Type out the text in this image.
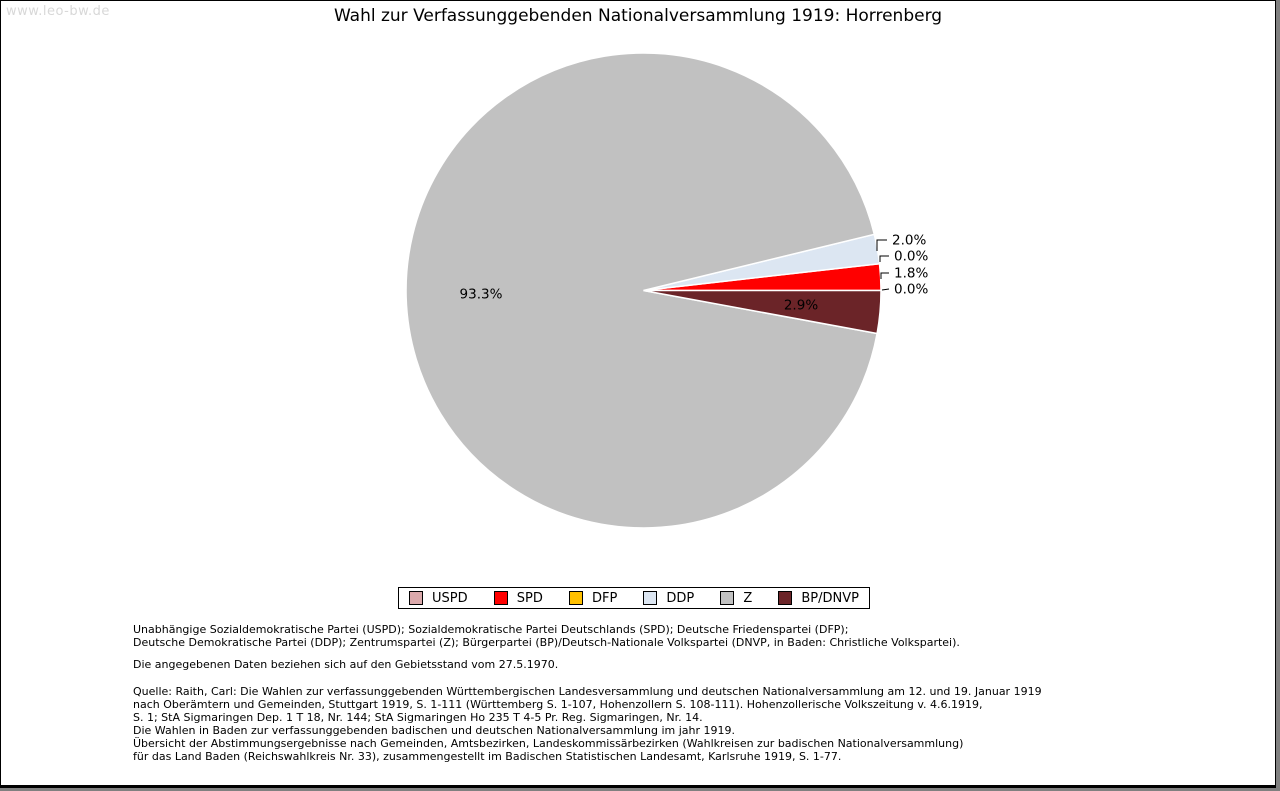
www.leo-bw.de	Wahl zur Verfassunggebenden Nationalversammlung 1919: Horrenberg
0.0%
1.8%
0.0%
2.0%
93.3%
2.9%
USPD	SPD	DFP	DDP	Z	BP/DNVP
Unabhängige Sozialdemokratische Partei (USPD); Sozialdemokratische Partei Deutschlands (SPD); Deutsche Friedenspartei (DFP);
Deutsche Demokratische Partei (DDP); Zentrumspartei (Z); Bürgerpartei (BP)/Deutsch-Nationale Volkspartei (DNVP, in Baden: Christliche Volkspartei).
Die angegebenen Daten beziehen sich auf den Gebietsstand vom 27.5.1970.
Quelle: Raith, Carl: Die Wahlen zur verfassunggebenden Württembergischen Landesversammlung und deutschen Nationalversammlung am 12. und 19. Januar 1919
nach Oberämtern und Gemeinden, Stuttgart 1919, S. 1-111 (Württemberg S. 1-107, Hohenzollern S. 108-111). Hohenzollerische Volkszeitung v. 4.6.1919,
S. 1; StA Sigmaringen Dep. 1 T 18, Nr. 144; StA Sigmaringen Ho 235 T 4-5 Pr. Reg. Sigmaringen, Nr. 14.
Die Wahlen in Baden zur verfassunggebenden badischen und deutschen Nationalversammlung im jahr 1919.
Übersicht der Abstimmungsergebnisse nach Gemeinden, Amtsbezirken, Landeskommissärbezirken (Wahlkreisen zur badischen Nationalversammlung)
für das Land Baden (Reichswahlkreis Nr. 33), zusammengestellt im Badischen Statistischen Landesamt, Karlsruhe 1919, S. 1-77.
